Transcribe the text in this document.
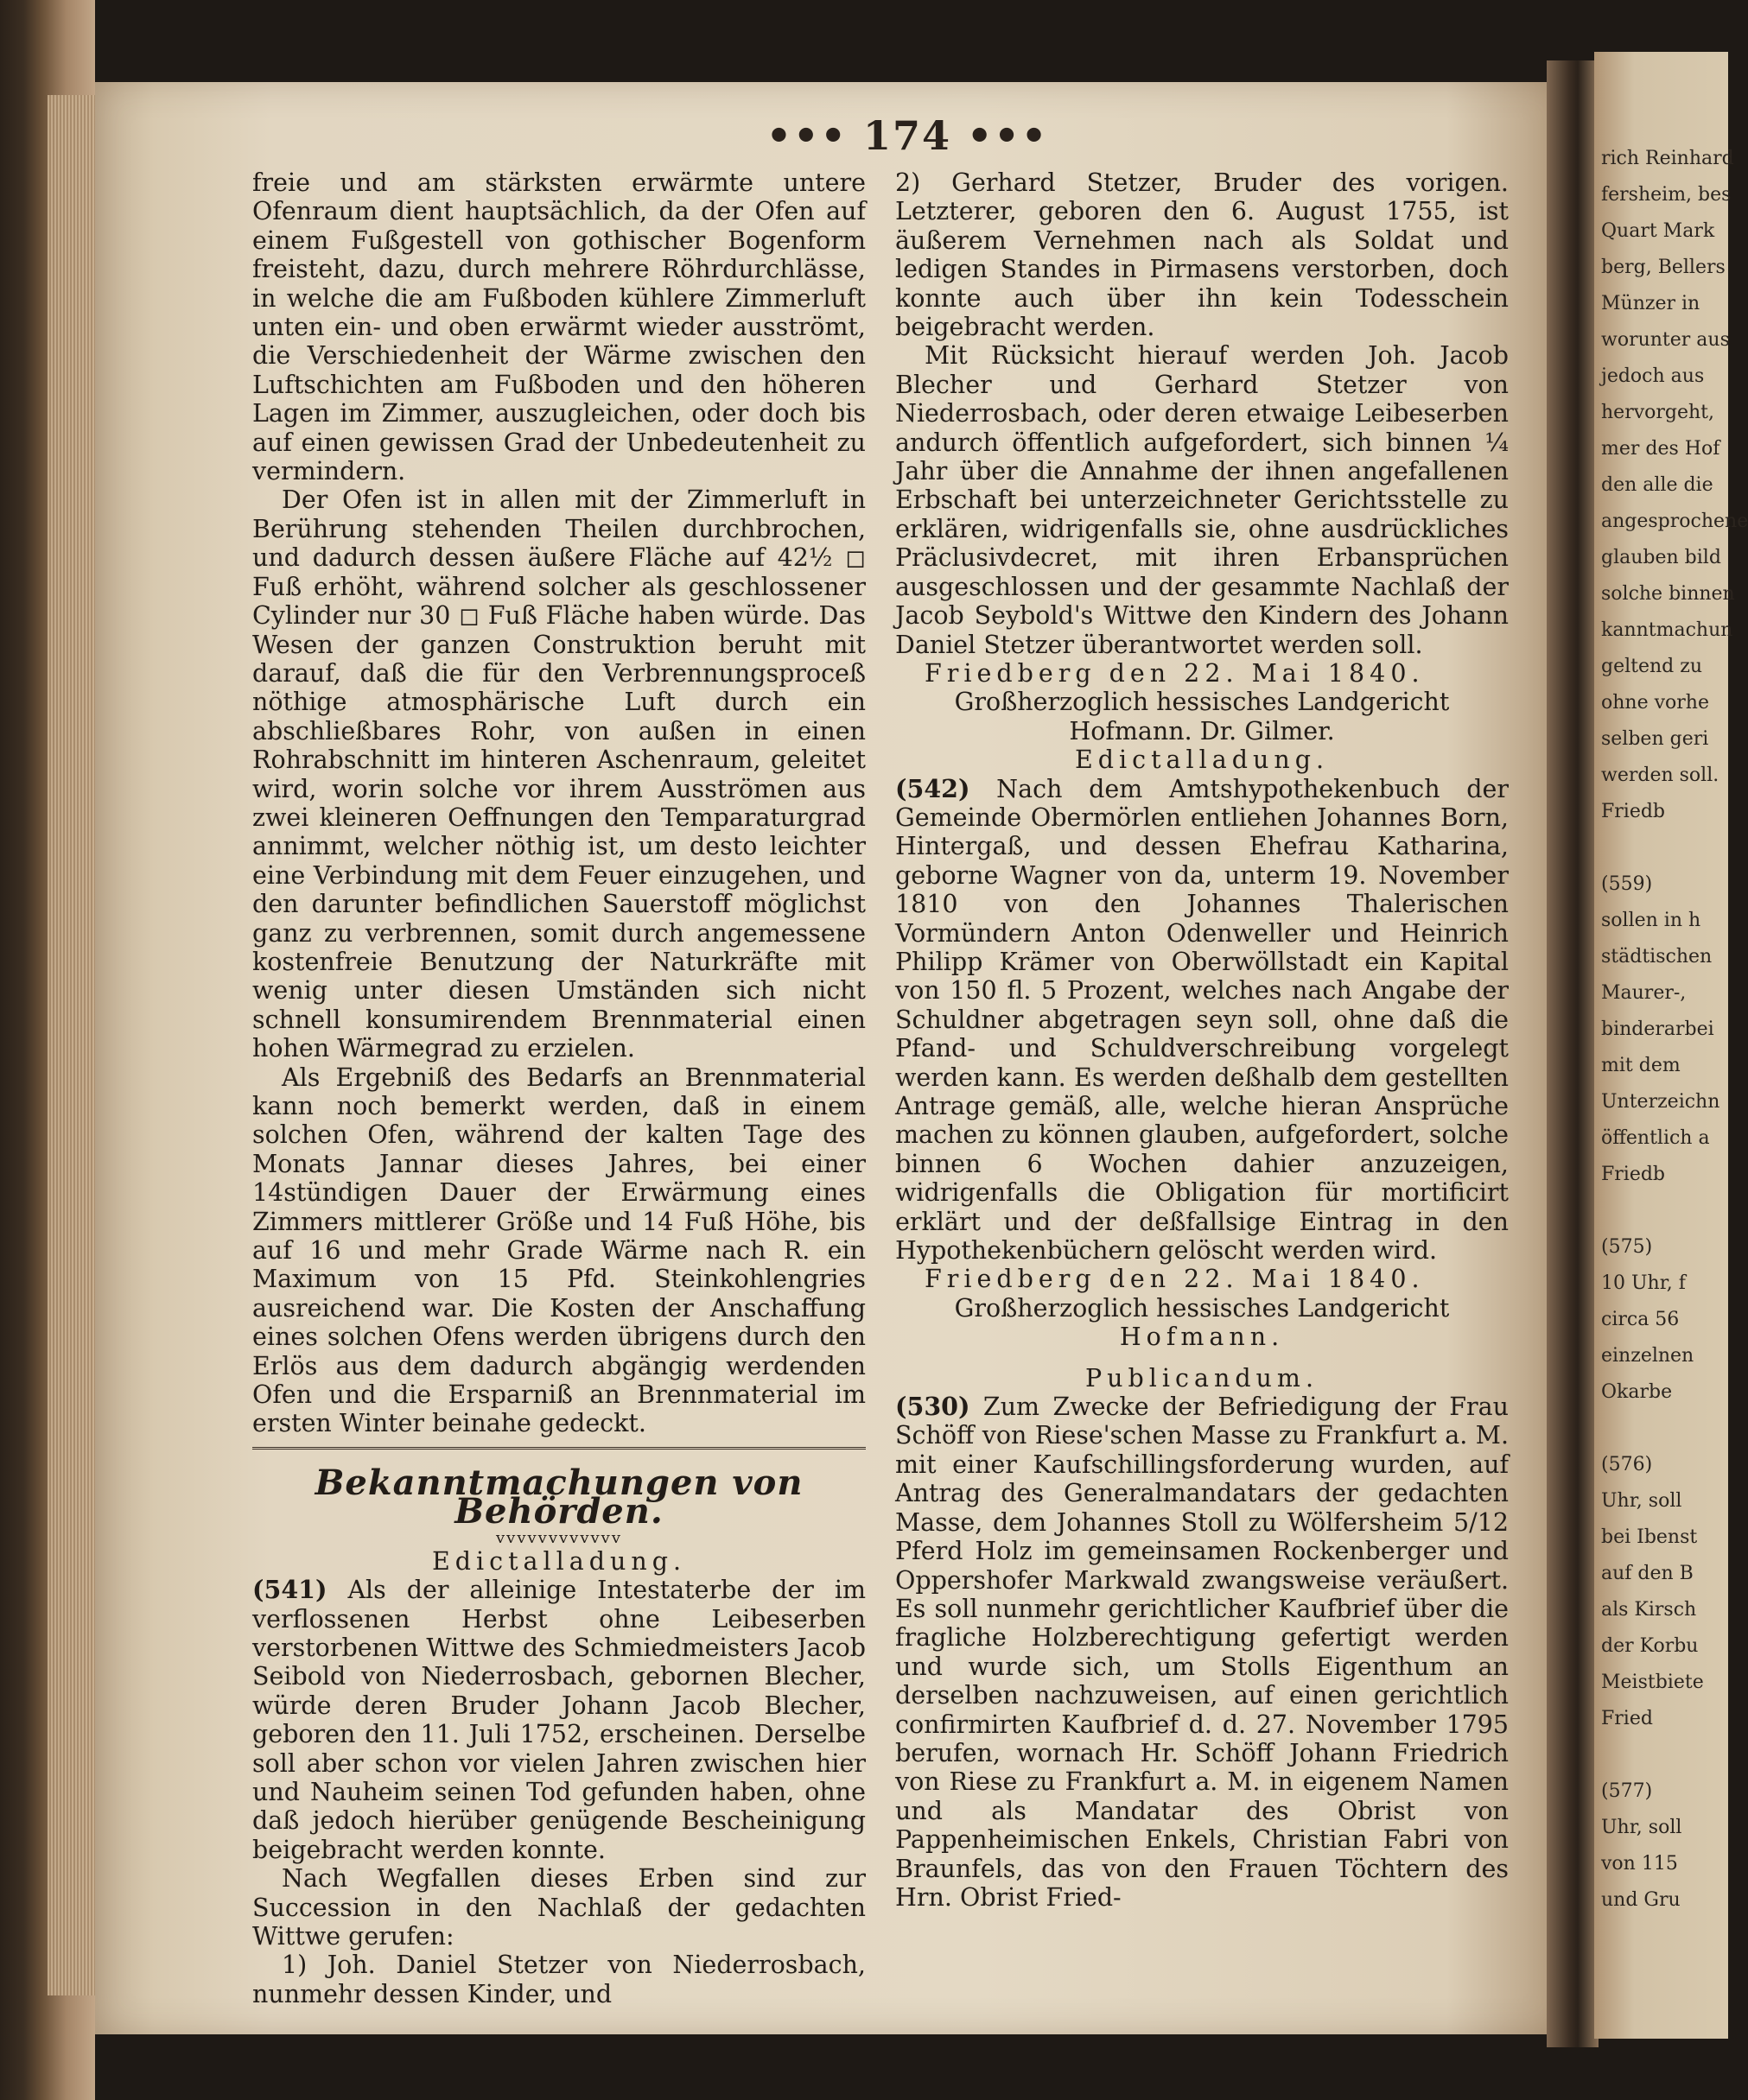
rich Reinhard
fersheim, bes
Quart Mark
berg, Bellers
Münzer in
worunter aus
jedoch aus
hervorgeht,
mer des Hof
den alle die
angesprochene
glauben bild
solche binnen
kanntmachun
geltend zu
ohne vorhe
selben geri
werden soll.
Friedb
(559)
sollen in h
städtischen
Maurer-,
binderarbei
mit dem
Unterzeichn
öffentlich a
Friedb
(575)
10 Uhr, f
circa 56
einzelnen
Okarbe
(576)
Uhr, soll
bei Ibenst
auf den B
als Kirsch
der Korbu
Meistbiete
Fried
(577)
Uhr, soll
von 115
und Gru
••• 174 •••

freie und am stärksten erwärmte untere Ofenraum dient hauptsächlich, da der Ofen auf einem Fußgestell von gothischer Bogenform freisteht, dazu, durch mehrere Röhrdurchlässe, in welche die am Fußboden kühlere Zimmerluft unten ein- und oben erwärmt wieder ausströmt, die Verschiedenheit der Wärme zwischen den Luftschichten am Fußboden und den höheren Lagen im Zimmer, auszugleichen, oder doch bis auf einen gewissen Grad der Unbedeutenheit zu vermindern.

Der Ofen ist in allen mit der Zimmerluft in Berührung stehenden Theilen durchbrochen, und dadurch dessen äußere Fläche auf 42½ ◻ Fuß erhöht, während solcher als geschlossener Cylinder nur 30 ◻ Fuß Fläche haben würde. Das Wesen der ganzen Construktion beruht mit darauf, daß die für den Verbrennungsproceß nöthige atmosphärische Luft durch ein abschließbares Rohr, von außen in einen Rohrabschnitt im hinteren Aschenraum, geleitet wird, worin solche vor ihrem Ausströmen aus zwei kleineren Oeffnungen den Temparaturgrad annimmt, welcher nöthig ist, um desto leichter eine Verbindung mit dem Feuer einzugehen, und den darunter befindlichen Sauerstoff möglichst ganz zu verbrennen, somit durch angemessene kostenfreie Benutzung der Naturkräfte mit wenig unter diesen Umständen sich nicht schnell konsumirendem Brennmaterial einen hohen Wärmegrad zu erzielen.

Als Ergebniß des Bedarfs an Brennmaterial kann noch bemerkt werden, daß in einem solchen Ofen, während der kalten Tage des Monats Jannar dieses Jahres, bei einer 14stündigen Dauer der Erwärmung eines Zimmers mittlerer Größe und 14 Fuß Höhe, bis auf 16 und mehr Grade Wärme nach R. ein Maximum von 15 Pfd. Steinkohlengries ausreichend war. Die Kosten der Anschaffung eines solchen Ofens werden übrigens durch den Erlös aus dem dadurch abgängig werdenden Ofen und die Ersparniß an Brennmaterial im ersten Winter beinahe gedeckt.

Bekanntmachungen von Behörden.
vvvvvvvvvvvv

Edictalladung.

(541) Als der alleinige Intestaterbe der im verflossenen Herbst ohne Leibeserben verstorbenen Wittwe des Schmiedmeisters Jacob Seibold von Niederrosbach, gebornen Blecher, würde deren Bruder Johann Jacob Blecher, geboren den 11. Juli 1752, erscheinen. Derselbe soll aber schon vor vielen Jahren zwischen hier und Nauheim seinen Tod gefunden haben, ohne daß jedoch hierüber genügende Bescheinigung beigebracht werden konnte.

Nach Wegfallen dieses Erben sind zur Succession in den Nachlaß der gedachten Wittwe gerufen:

1) Joh. Daniel Stetzer von Niederrosbach, nunmehr dessen Kinder, und

2) Gerhard Stetzer, Bruder des vorigen. Letzterer, geboren den 6. August 1755, ist äußerem Vernehmen nach als Soldat und ledigen Standes in Pirmasens verstorben, doch konnte auch über ihn kein Todesschein beigebracht werden.

Mit Rücksicht hierauf werden Joh. Jacob Blecher und Gerhard Stetzer von Niederrosbach, oder deren etwaige Leibeserben andurch öffentlich aufgefordert, sich binnen ¼ Jahr über die Annahme der ihnen angefallenen Erbschaft bei unterzeichneter Gerichtsstelle zu erklären, widrigenfalls sie, ohne ausdrückliches Präclusivdecret, mit ihren Erbansprüchen ausgeschlossen und der gesammte Nachlaß der Jacob Seybold's Wittwe den Kindern des Johann Daniel Stetzer überantwortet werden soll.

Friedberg den 22. Mai 1840.

Großherzoglich hessisches Landgericht

Hofmann. Dr. Gilmer.

Edictalladung.

(542) Nach dem Amtshypothekenbuch der Gemeinde Obermörlen entliehen Johannes Born, Hintergaß, und dessen Ehefrau Katharina, geborne Wagner von da, unterm 19. November 1810 von den Johannes Thalerischen Vormündern Anton Odenweller und Heinrich Philipp Krämer von Oberwöllstadt ein Kapital von 150 fl. 5 Prozent, welches nach Angabe der Schuldner abgetragen seyn soll, ohne daß die Pfand- und Schuldverschreibung vorgelegt werden kann. Es werden deßhalb dem gestellten Antrage gemäß, alle, welche hieran Ansprüche machen zu können glauben, aufgefordert, solche binnen 6 Wochen dahier anzuzeigen, widrigenfalls die Obligation für mortificirt erklärt und der deßfallsige Eintrag in den Hypothekenbüchern gelöscht werden wird.

Friedberg den 22. Mai 1840.

Großherzoglich hessisches Landgericht

Hofmann.

Publicandum.

(530) Zum Zwecke der Befriedigung der Frau Schöff von Riese'schen Masse zu Frankfurt a. M. mit einer Kaufschillingsforderung wurden, auf Antrag des Generalmandatars der gedachten Masse, dem Johannes Stoll zu Wölfersheim 5/12 Pferd Holz im gemeinsamen Rockenberger und Oppershofer Markwald zwangsweise veräußert. Es soll nunmehr gerichtlicher Kaufbrief über die fragliche Holzberechtigung gefertigt werden und wurde sich, um Stolls Eigenthum an derselben nachzuweisen, auf einen gerichtlich confirmirten Kaufbrief d. d. 27. November 1795 berufen, wornach Hr. Schöff Johann Friedrich von Riese zu Frankfurt a. M. in eigenem Namen und als Mandatar des Obrist von Pappenheimischen Enkels, Christian Fabri von Braunfels, das von den Frauen Töchtern des Hrn. Obrist Fried-
